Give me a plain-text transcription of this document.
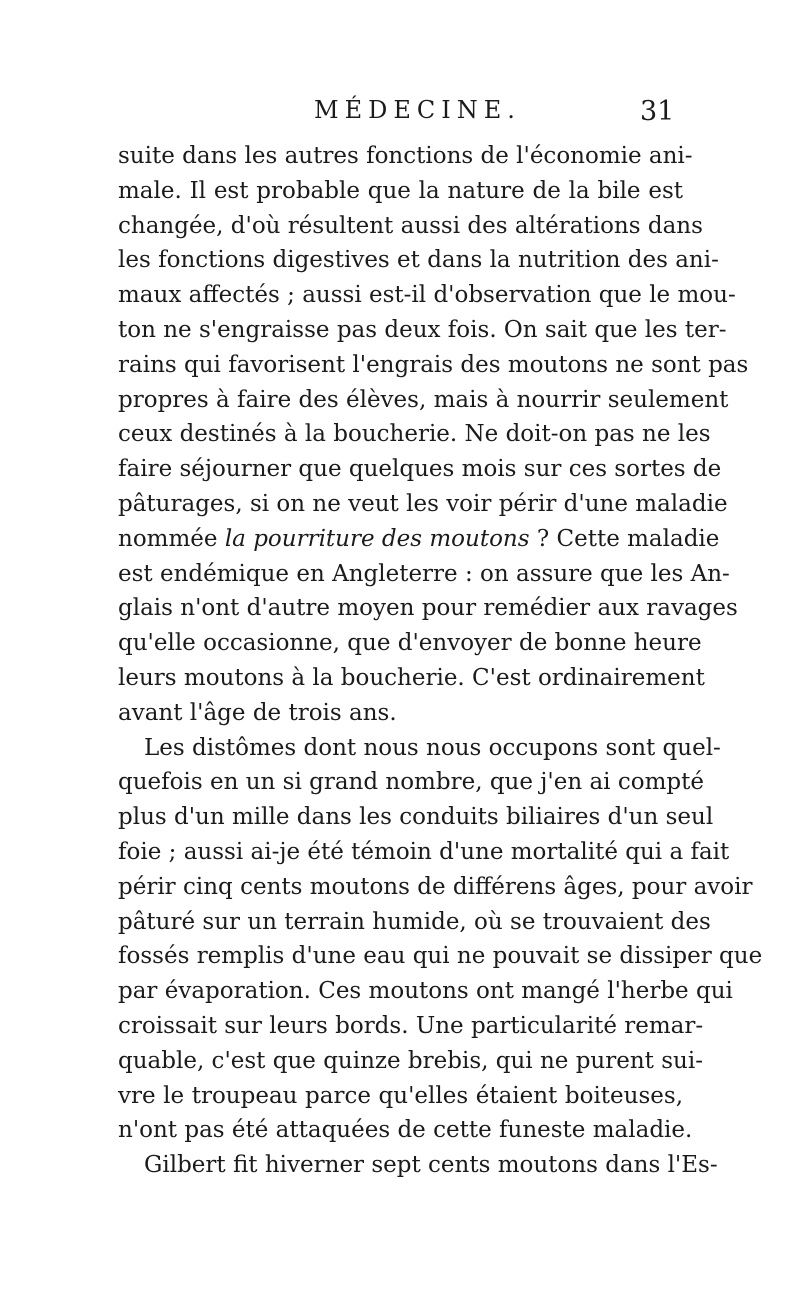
MÉDECINE.	31
suite dans les autres fonctions de l'économie ani-
male. Il est probable que la nature de la bile est
changée, d'où résultent aussi des altérations dans
les fonctions digestives et dans la nutrition des ani-
maux affectés ; aussi est-il d'observation que le mou-
ton ne s'engraisse pas deux fois. On sait que les ter-
rains qui favorisent l'engrais des moutons ne sont pas
propres à faire des élèves, mais à nourrir seulement
ceux destinés à la boucherie. Ne doit-on pas ne les
faire séjourner que quelques mois sur ces sortes de
pâturages, si on ne veut les voir périr d'une maladie
nommée la pourriture des moutons ? Cette maladie
est endémique en Angleterre : on assure que les An-
glais n'ont d'autre moyen pour remédier aux ravages
qu'elle occasionne, que d'envoyer de bonne heure
leurs moutons à la boucherie. C'est ordinairement
avant l'âge de trois ans.
Les distômes dont nous nous occupons sont quel-
quefois en un si grand nombre, que j'en ai compté
plus d'un mille dans les conduits biliaires d'un seul
foie ; aussi ai-je été témoin d'une mortalité qui a fait
périr cinq cents moutons de différens âges, pour avoir
pâturé sur un terrain humide, où se trouvaient des
fossés remplis d'une eau qui ne pouvait se dissiper que
par évaporation. Ces moutons ont mangé l'herbe qui
croissait sur leurs bords. Une particularité remar-
quable, c'est que quinze brebis, qui ne purent sui-
vre le troupeau parce qu'elles étaient boiteuses,
n'ont pas été attaquées de cette funeste maladie.
Gilbert fit hiverner sept cents moutons dans l'Es-
